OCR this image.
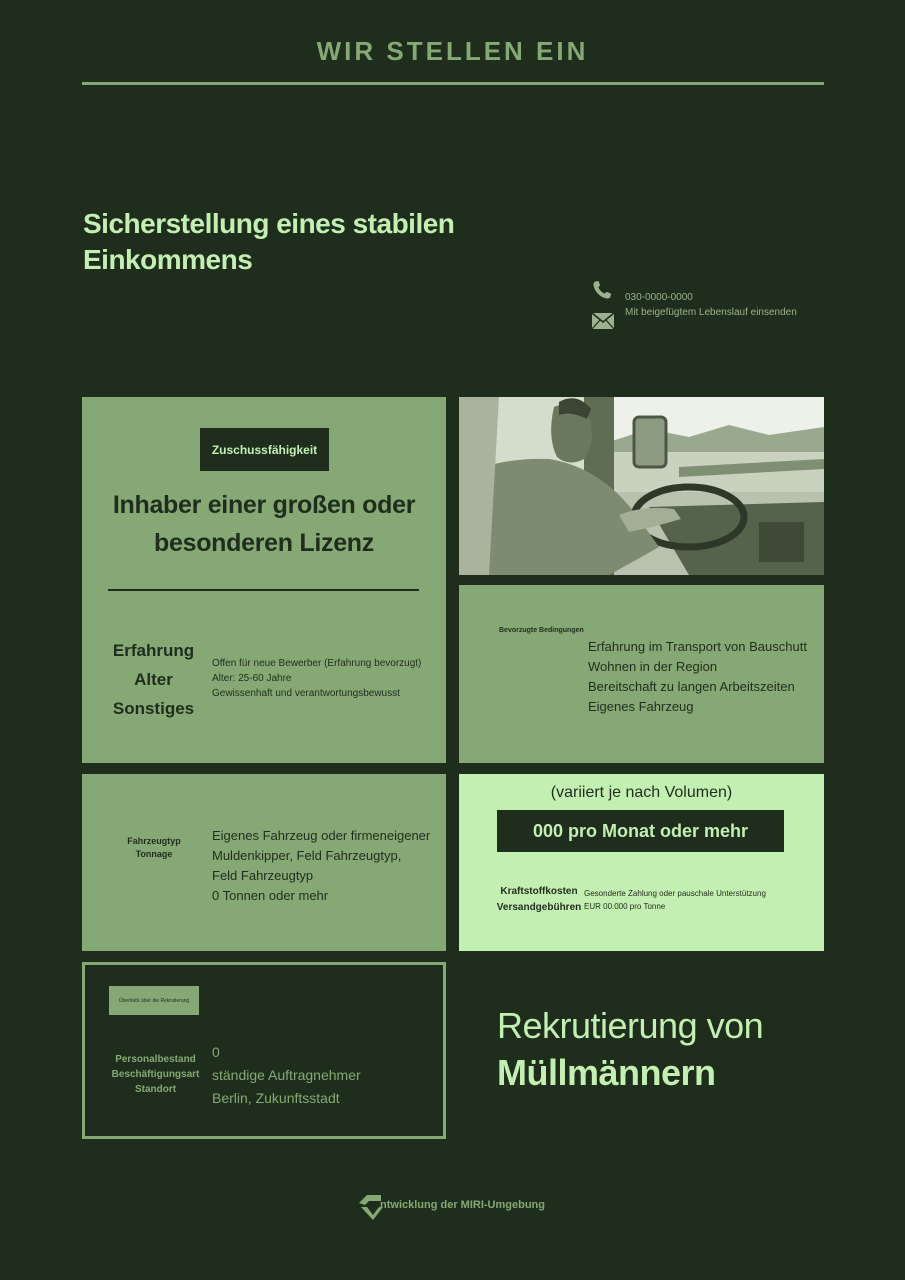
WIR STELLEN EIN
Sicherstellung eines stabilen
Einkommens
030-0000-0000
Mit beigefügtem Lebenslauf einsenden
Zuschussfähigkeit
Inhaber einer großen oder
besonderen Lizenz
Erfahrung
Alter
Sonstiges
Offen für neue Bewerber (Erfahrung bevorzugt)
Alter: 25-60 Jahre
Gewissenhaft und verantwortungsbewusst
Bevorzugte Bedingungen
Erfahrung im Transport von Bauschutt
Wohnen in der Region
Bereitschaft zu langen Arbeitszeiten
Eigenes Fahrzeug
Fahrzeugtyp Tonnage
Eigenes Fahrzeug oder firmeneigener
Muldenkipper, Feld Fahrzeugtyp,
Feld Fahrzeugtyp
0 Tonnen oder mehr
(variiert je nach Volumen)
000 pro Monat oder mehr
Kraftstoffkosten
Versandgebühren
Gesonderte Zahlung oder pauschale Unterstützung
EUR 00.000 pro Tonne
Überblick über die Rekrutierung
Personalbestand
Beschäftigungsart
Standort
0
ständige Auftragnehmer
Berlin, Zukunftsstadt
Rekrutierung von
Müllmännern
ntwicklung der MIRI-Umgebung
